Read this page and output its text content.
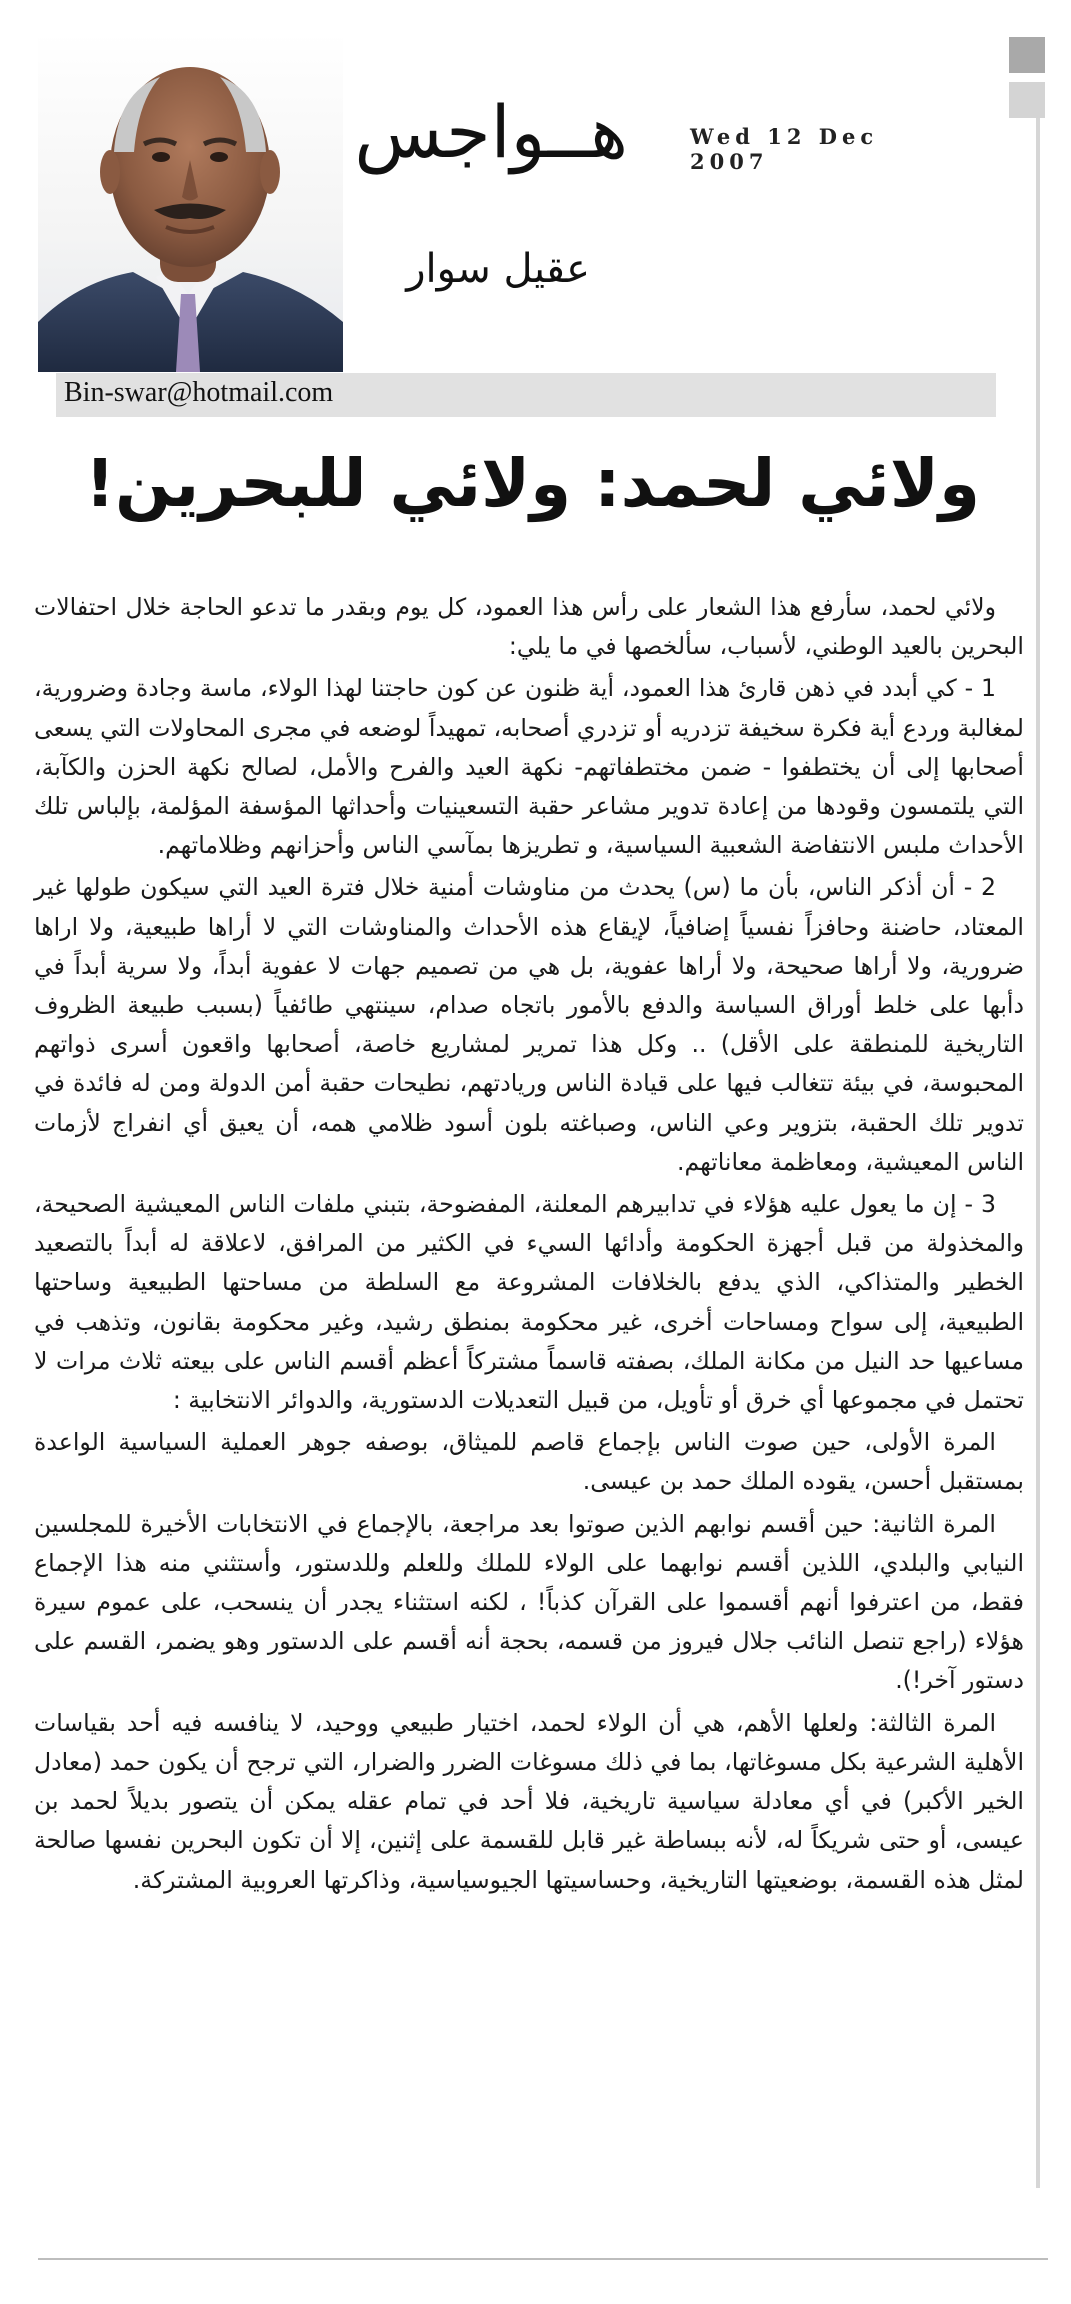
Wed 12 Dec 2007
هــواجس
عقيل سوار
Bin-swar@hotmail.com
ولائي لحمد: ولائي للبحرين!

ولائي لحمد، سأرفع هذا الشعار على رأس هذا العمود، كل يوم وبقدر ما تدعو الحاجة خلال احتفالات البحرين بالعيد الوطني، لأسباب، سألخصها ﻓﻲ ما يلي:

1 - كي أبدد ﻓﻲ ذهن قارئ هذا العمود، أية ظنون عن كون حاجتنا لهذا الولاء، ماسة وجادة وضرورية، لمغالبة وردع أية فكرة سخيفة تزدريه أو تزدري أصحابه، تمهيداً لوضعه ﻓﻲ مجرى المحاولات التي يسعى أصحابها إلى أن يختطفوا - ضمن مختطفاتهم- نكهة العيد والفرح والأمل، لصالح نكهة الحزن والكآبة، التي يلتمسون وقودها من إعادة تدوير مشاعر حقبة التسعينيات وأحداثها المؤسفة المؤلمة، بإلباس تلك الأحداث ملبس الانتفاضة الشعبية السياسية، و تطريزها بمآسي الناس وأحزانهم وظلاماتهم.

2 - أن أذكر الناس، بأن ما (س) يحدث من مناوشات أمنية خلال فترة العيد التي سيكون طولها غير المعتاد، حاضنة وحافزاً نفسياً إضافياً، لإيقاع هذه الأحداث والمناوشات التي لا أراها طبيعية، ولا اراها ضرورية، ولا أراها صحيحة، ولا أراها عفوية، بل هي من تصميم جهات لا عفوية أبداً، ولا سرية أبداً ﻓﻲ دأبها على خلط أوراق السياسة والدفع بالأمور باتجاه صدام، سينتهي طائفياً (بسبب طبيعة الظروف التاريخية للمنطقة على الأقل) .. وكل هذا تمرير لمشاريع خاصة، أصحابها واقعون أسرى ذواتهم المحبوسة، ﻓﻲ بيئة تتغالب فيها على قيادة الناس وريادتهم، نطيحات حقبة أمن الدولة ومن له فائدة ﻓﻲ تدوير تلك الحقبة، بتزوير وعي الناس، وصباغته بلون أسود ظلامي همه، أن يعيق أي انفراج لأزمات الناس المعيشية، ومعاظمة معاناتهم.

3 - إن ما يعول عليه هؤلاء ﻓﻲ تدابيرهم المعلنة، المفضوحة، بتبني ملفات الناس المعيشية الصحيحة، والمخذولة من قبل أجهزة الحكومة وأدائها السيء ﻓﻲ الكثير من المرافق، لاعلاقة له أبداً بالتصعيد الخطير والمتذاكي، الذي يدفع بالخلافات المشروعة مع السلطة من مساحتها الطبيعية وساحتها الطبيعية، إلى سواح ومساحات أخرى، غير محكومة بمنطق رشيد، وغير محكومة بقانون، وتذهب ﻓﻲ مساعيها حد النيل من مكانة الملك، بصفته قاسماً مشتركاً أعظم أقسم الناس على بيعته ثلاث مرات لا تحتمل ﻓﻲ مجموعها أي خرق أو تأويل، من قبيل التعديلات الدستورية، والدوائر الانتخابية :

المرة الأولى، حين صوت الناس بإجماع قاصم للميثاق، بوصفه جوهر العملية السياسية الواعدة بمستقبل أحسن، يقوده الملك حمد بن عيسى.

المرة الثانية: حين أقسم نوابهم الذين صوتوا بعد مراجعة، بالإجماع ﻓﻲ الانتخابات الأخيرة للمجلسين النيابي والبلدي، اللذين أقسم نوابهما على الولاء للملك وللعلم وللدستور، وأستثني منه هذا الإجماع فقط، من اعترفوا أنهم أقسموا على القرآن كذباً! ، لكنه استثناء يجدر أن ينسحب، على عموم سيرة هؤلاء (راجع تنصل النائب جلال فيروز من قسمه، بحجة أنه أقسم على الدستور وهو يضمر، القسم على دستور آخر!).

المرة الثالثة: ولعلها الأهم، هي أن الولاء لحمد، اختيار طبيعي ووحيد، لا ينافسه فيه أحد بقياسات الأهلية الشرعية بكل مسوغاتها، بما ﻓﻲ ذلك مسوغات الضرر والضرار، التي ترجح أن يكون حمد (معادل الخير الأكبر) ﻓﻲ أي معادلة سياسية تاريخية، فلا أحد ﻓﻲ تمام عقله يمكن أن يتصور بديلاً لحمد بن عيسى، أو حتى شريكاً له، لأنه ببساطة غير قابل للقسمة على إثنين، إلا أن تكون البحرين نفسها صالحة لمثل هذه القسمة، بوضعيتها التاريخية، وحساسيتها الجيوسياسية، وذاكرتها العروبية المشتركة.
